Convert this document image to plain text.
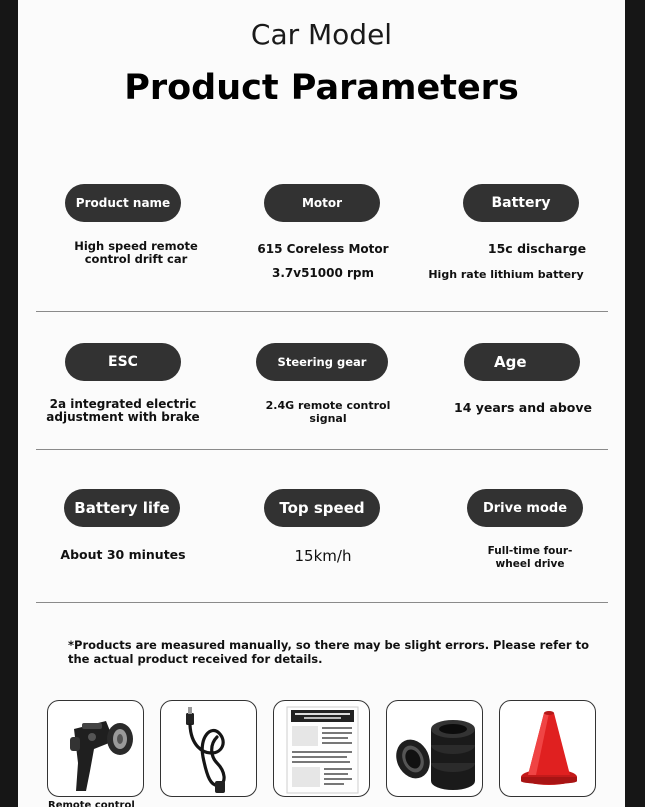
Car Model
Product Parameters
Product name
High speed remote control drift car
Motor
615 Coreless Motor
3.7v51000 rpm
Battery
15c discharge
High rate lithium battery
ESC
2a integrated electric adjustment with brake
Steering gear
2.4G remote control signal
Age
14 years and above
Battery life
About 30 minutes
Top speed
15km/h
Drive mode
Full-time four-wheel drive
*Products are measured manually, so there may be slight errors. Please refer to the actual product received for details.
Remote control
